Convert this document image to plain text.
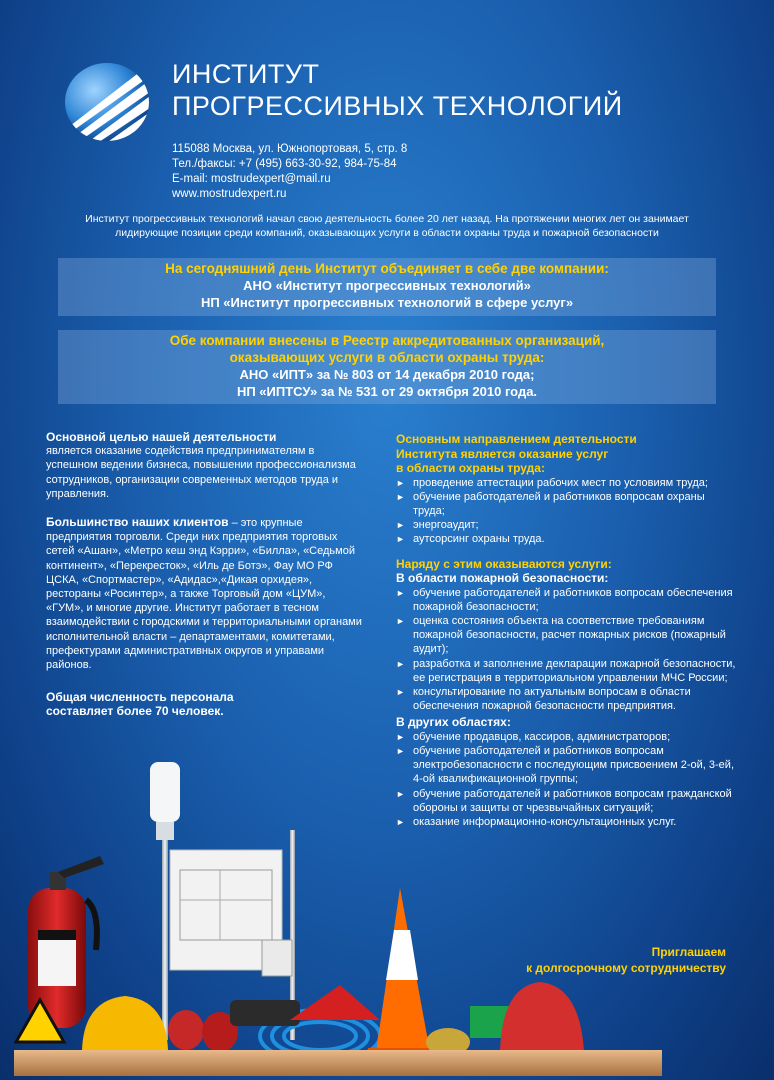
ИНСТИТУТ
ПРОГРЕССИВНЫХ ТЕХНОЛОГИЙ
115088 Москва, ул. Южнопортовая, 5, стр. 8
Тел./факсы: +7 (495) 663-30-92, 984-75-84
E-mail: mostrudexpert@mail.ru
www.mostrudexpert.ru
Институт прогрессивных технологий начал свою деятельность более 20 лет назад. На протяжении многих лет он занимает
лидирующие позиции среди компаний, оказывающих услуги в области охраны труда и пожарной безопасности
На сегодняшний день Институт объединяет в себе две компании:
АНО «Институт прогрессивных технологий»
НП «Институт прогрессивных технологий в сфере услуг»
Обе компании внесены в Реестр аккредитованных организаций,
оказывающих услуги в области охраны труда:
АНО «ИПТ» за № 803 от 14 декабря 2010 года;
НП «ИПТСУ» за № 531 от 29 октября 2010 года.
Основной целью нашей деятельности
является оказание содействия предпринимателям в успешном ведении бизнеса, повышении профессионализма сотрудников, организации современных методов труда и управления.
Большинство наших клиентов – это крупные предприятия торговли. Среди них предприятия торговых сетей «Ашан», «Метро кеш энд Кэрри», «Билла», «Седьмой континент», «Перекресток», «Иль де Ботэ», Фау МО РФ ЦСКА, «Спортмастер», «Адидас»,«Дикая орхидея», рестораны «Росинтер», а также Торговый дом «ЦУМ», «ГУМ», и многие другие. Институт работает в тесном взаимодействии с городскими и территориальными органами исполнительной власти – департаментами, комитетами, префектурами административных округов и управами районов.
Общая численность персонала
составляет более 70 человек.
Основным направлением деятельности
Института является оказание услуг
в области охраны труда:
► проведение аттестации рабочих мест по условиям труда;
► обучение работодателей и работников вопросам охраны труда;
► энергоаудит;
► аутсорсинг охраны труда.
Наряду с этим оказываются услуги:
В области пожарной безопасности:
► обучение работодателей и работников вопросам обеспечения пожарной безопасности;
► оценка состояния объекта на соответствие требованиям пожарной безопасности, расчет пожарных рисков (пожарный аудит);
► разработка и заполнение декларации пожарной безопасности, ее регистрация в территориальном управлении МЧС России;
► консультирование по актуальным вопросам в области обеспечения пожарной безопасности предприятия.
В других областях:
► обучение продавцов, кассиров, администраторов;
► обучение работодателей и работников вопросам электробезопасности с последующим присвоением 2-ой, 3-ей, 4-ой квалификационной группы;
► обучение работодателей и работников вопросам гражданской обороны и защиты от чрезвычайных ситуаций;
► оказание информационно-консультационных услуг.
Приглашаем
к долгосрочному сотрудничеству
